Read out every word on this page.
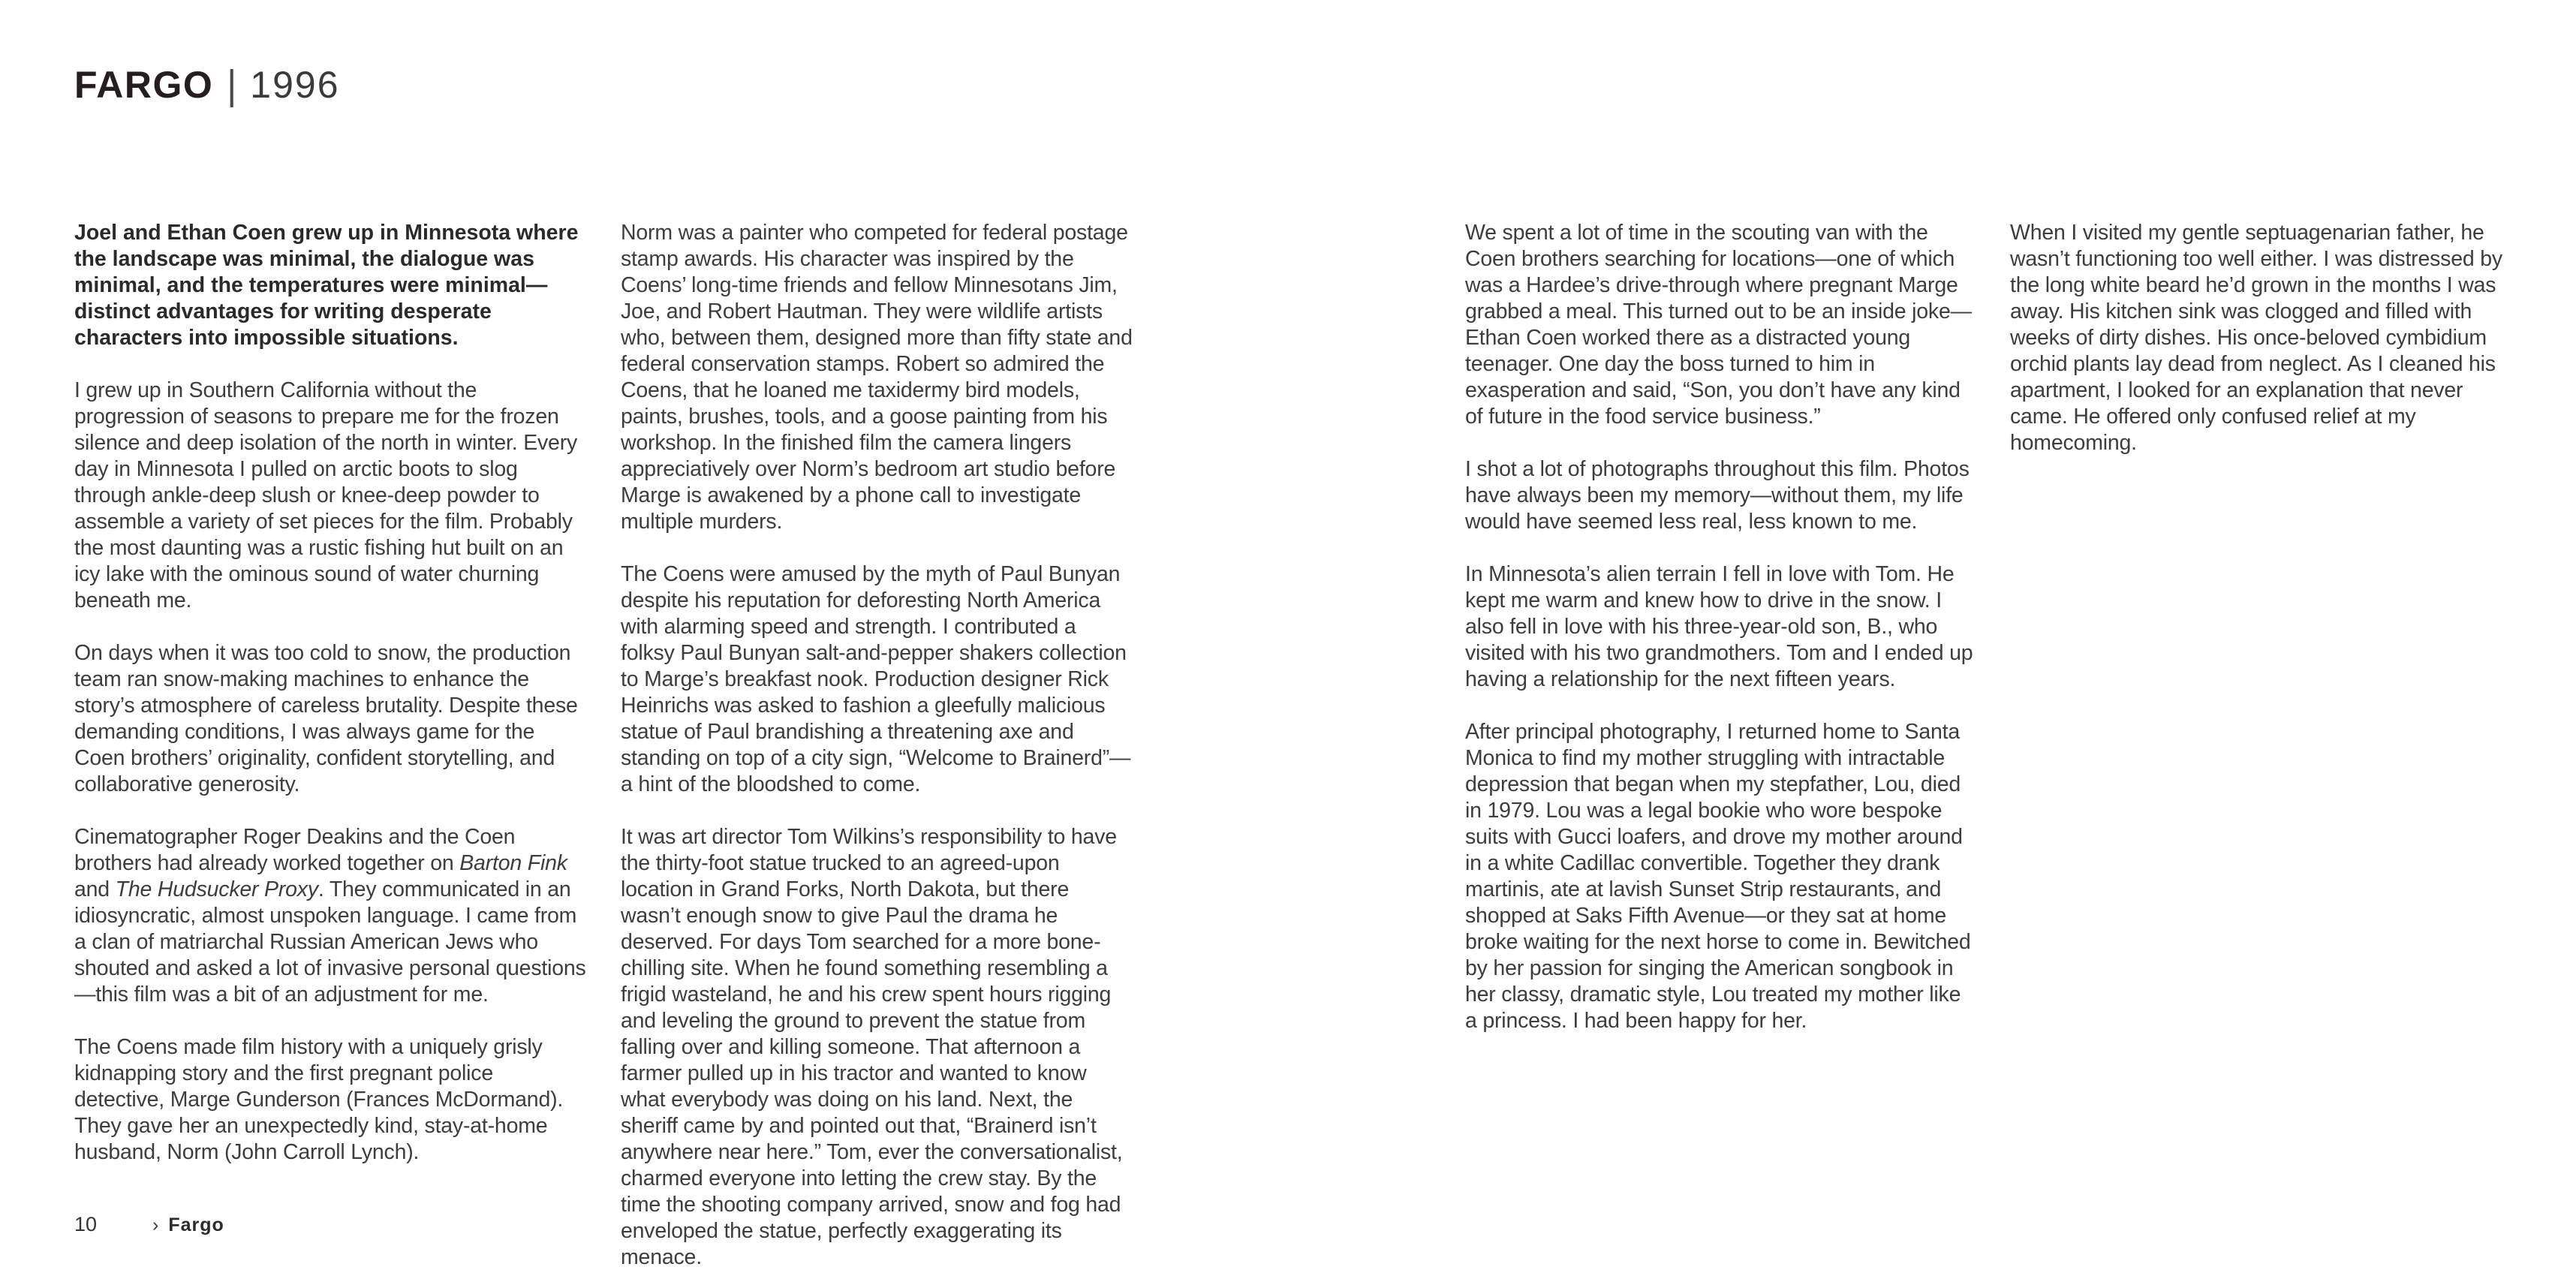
FARGO | 1996

Joel and Ethan Coen grew up in Minnesota where the landscape was minimal, the dialogue was minimal, and the temperatures were minimal—distinct advantages for writing desperate characters into impossible situations.

I grew up in Southern California without the progression of seasons to prepare me for the frozen silence and deep isolation of the north in winter. Every day in Minnesota I pulled on arctic boots to slog through ankle-deep slush or knee-deep powder to assemble a variety of set pieces for the film. Probably the most daunting was a rustic fishing hut built on an icy lake with the ominous sound of water churning beneath me.

On days when it was too cold to snow, the production team ran snow-making machines to enhance the story’s atmosphere of careless brutality. Despite these demanding conditions, I was always game for the Coen brothers’ originality, confident storytelling, and collaborative generosity.

Cinematographer Roger Deakins and the Coen brothers had already worked together on Barton Fink and The Hudsucker Proxy. They communicated in an idiosyncratic, almost unspoken language. I came from a clan of matriarchal Russian American Jews who shouted and asked a lot of invasive personal questions—this film was a bit of an adjustment for me.

The Coens made film history with a uniquely grisly kidnapping story and the first pregnant police detective, Marge Gunderson (Frances McDormand). They gave her an unexpectedly kind, stay-at-home husband, Norm (John Carroll Lynch).

Norm was a painter who competed for federal postage stamp awards. His character was inspired by the Coens’ long-time friends and fellow Minnesotans Jim, Joe, and Robert Hautman. They were wildlife artists who, between them, designed more than fifty state and federal conservation stamps. Robert so admired the Coens, that he loaned me taxidermy bird models, paints, brushes, tools, and a goose painting from his workshop. In the finished film the camera lingers appreciatively over Norm’s bedroom art studio before Marge is awakened by a phone call to investigate multiple murders.

The Coens were amused by the myth of Paul Bunyan despite his reputation for deforesting North America with alarming speed and strength. I contributed a folksy Paul Bunyan salt-and-pepper shakers collection to Marge’s breakfast nook. Production designer Rick Heinrichs was asked to fashion a gleefully malicious statue of Paul brandishing a threatening axe and standing on top of a city sign, “Welcome to Brainerd”—a hint of the bloodshed to come.

It was art director Tom Wilkins’s responsibility to have the thirty-foot statue trucked to an agreed-upon location in Grand Forks, North Dakota, but there wasn’t enough snow to give Paul the drama he deserved. For days Tom searched for a more bone-chilling site. When he found something resembling a frigid wasteland, he and his crew spent hours rigging and leveling the ground to prevent the statue from falling over and killing someone. That afternoon a farmer pulled up in his tractor and wanted to know what everybody was doing on his land. Next, the sheriff came by and pointed out that, “Brainerd isn’t anywhere near here.” Tom, ever the conversationalist, charmed everyone into letting the crew stay. By the time the shooting company arrived, snow and fog had enveloped the statue, perfectly exaggerating its menace.

We spent a lot of time in the scouting van with the Coen brothers searching for locations—one of which was a Hardee’s drive-through where pregnant Marge grabbed a meal. This turned out to be an inside joke—Ethan Coen worked there as a distracted young teenager. One day the boss turned to him in exasperation and said, “Son, you don’t have any kind of future in the food service business.”

I shot a lot of photographs throughout this film. Photos have always been my memory—without them, my life would have seemed less real, less known to me.

In Minnesota’s alien terrain I fell in love with Tom. He kept me warm and knew how to drive in the snow. I also fell in love with his three-year-old son, B., who visited with his two grandmothers. Tom and I ended up having a relationship for the next fifteen years.

After principal photography, I returned home to Santa Monica to find my mother struggling with intractable depression that began when my stepfather, Lou, died in 1979. Lou was a legal bookie who wore bespoke suits with Gucci loafers, and drove my mother around in a white Cadillac convertible. Together they drank martinis, ate at lavish Sunset Strip restaurants, and shopped at Saks Fifth Avenue—or they sat at home broke waiting for the next horse to come in. Bewitched by her passion for singing the American songbook in her classy, dramatic style, Lou treated my mother like a princess. I had been happy for her.

When I visited my gentle septuagenarian father, he wasn’t functioning too well either. I was distressed by the long white beard he’d grown in the months I was away. His kitchen sink was clogged and filled with weeks of dirty dishes. His once-beloved cymbidium orchid plants lay dead from neglect. As I cleaned his apartment, I looked for an explanation that never came. He offered only confused relief at my homecoming.

10	› Fargo
